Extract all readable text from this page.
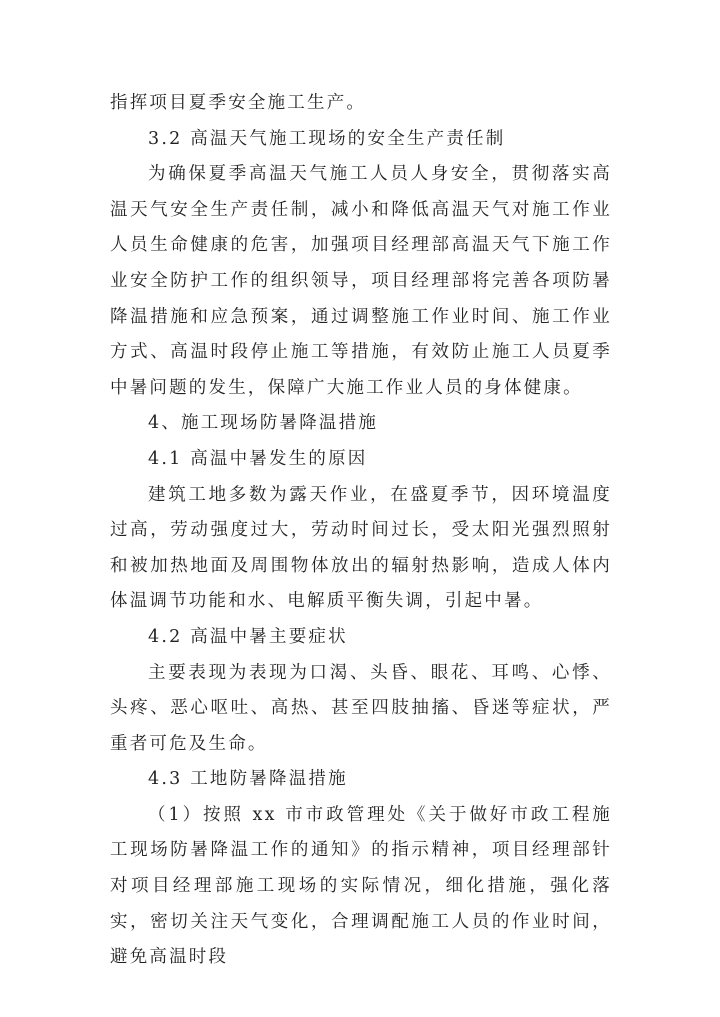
指挥项目夏季安全施工生产。

3.2 高温天气施工现场的安全生产责任制

为确保夏季高温天气施工人员人身安全，贯彻落实高温天气安全生产责任制，减小和降低高温天气对施工作业人员生命健康的危害，加强项目经理部高温天气下施工作业安全防护工作的组织领导，项目经理部将完善各项防暑降温措施和应急预案，通过调整施工作业时间、施工作业方式、高温时段停止施工等措施，有效防止施工人员夏季中暑问题的发生，保障广大施工作业人员的身体健康。

4、施工现场防暑降温措施

4.1 高温中暑发生的原因

建筑工地多数为露天作业，在盛夏季节，因环境温度过高，劳动强度过大，劳动时间过长，受太阳光强烈照射和被加热地面及周围物体放出的辐射热影响，造成人体内体温调节功能和水、电解质平衡失调，引起中暑。

4.2 高温中暑主要症状

主要表现为表现为口渴、头昏、眼花、耳鸣、心悸、头疼、恶心呕吐、高热、甚至四肢抽搐、昏迷等症状，严重者可危及生命。

4.3 工地防暑降温措施

（1）按照 xx 市市政管理处《关于做好市政工程施工现场防暑降温工作的通知》的指示精神，项目经理部针对项目经理部施工现场的实际情况，细化措施，强化落实，密切关注天气变化，合理调配施工人员的作业时间，避免高温时段
